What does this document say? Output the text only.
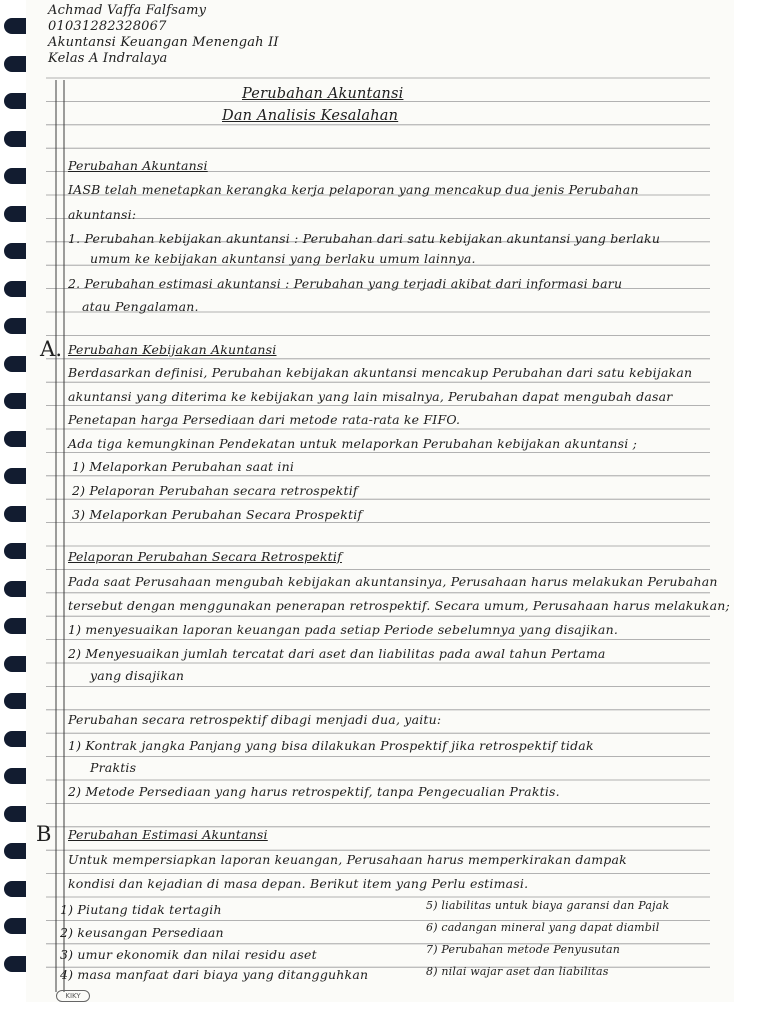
Achmad Vaffa Falfsamy
01031282328067
Akuntansi Keuangan Menengah II
Kelas A Indralaya
Perubahan Akuntansi
Dan Analisis Kesalahan
Perubahan Akuntansi
IASB telah menetapkan kerangka kerja pelaporan yang mencakup dua jenis Perubahan
akuntansi:
1. Perubahan kebijakan akuntansi : Perubahan dari satu kebijakan akuntansi yang berlaku
umum ke kebijakan akuntansi yang berlaku umum lainnya.
2. Perubahan estimasi akuntansi : Perubahan yang terjadi akibat dari informasi baru
atau Pengalaman.
A. Perubahan Kebijakan Akuntansi
Berdasarkan definisi, Perubahan kebijakan akuntansi mencakup Perubahan dari satu kebijakan
akuntansi yang diterima ke kebijakan yang lain misalnya, Perubahan dapat mengubah dasar
Penetapan harga Persediaan dari metode rata-rata ke FIFO.
Ada tiga kemungkinan Pendekatan untuk melaporkan Perubahan kebijakan akuntansi ;
1) Melaporkan Perubahan saat ini
2) Pelaporan Perubahan secara retrospektif
3) Melaporkan Perubahan Secara Prospektif
Pelaporan Perubahan Secara Retrospektif
Pada saat Perusahaan mengubah kebijakan akuntansinya, Perusahaan harus melakukan Perubahan
tersebut dengan menggunakan penerapan retrospektif. Secara umum, Perusahaan harus melakukan;
1) menyesuaikan laporan keuangan pada setiap Periode sebelumnya yang disajikan.
2) Menyesuaikan jumlah tercatat dari aset dan liabilitas pada awal tahun Pertama
yang disajikan
Perubahan secara retrospektif dibagi menjadi dua, yaitu:
1) Kontrak jangka Panjang yang bisa dilakukan Prospektif jika retrospektif tidak
Praktis
2) Metode Persediaan yang harus retrospektif, tanpa Pengecualian Praktis.
B Perubahan Estimasi Akuntansi
Untuk mempersiapkan laporan keuangan, Perusahaan harus memperkirakan dampak
kondisi dan kejadian di masa depan. Berikut item yang Perlu estimasi.
1) Piutang tidak tertagih
2) keusangan Persediaan
3) umur ekonomik dan nilai residu aset
4) masa manfaat dari biaya yang ditangguhkan
5) liabilitas untuk biaya garansi dan Pajak
6) cadangan mineral yang dapat diambil
7) Perubahan metode Penyusutan
8) nilai wajar aset dan liabilitas
KIKY
